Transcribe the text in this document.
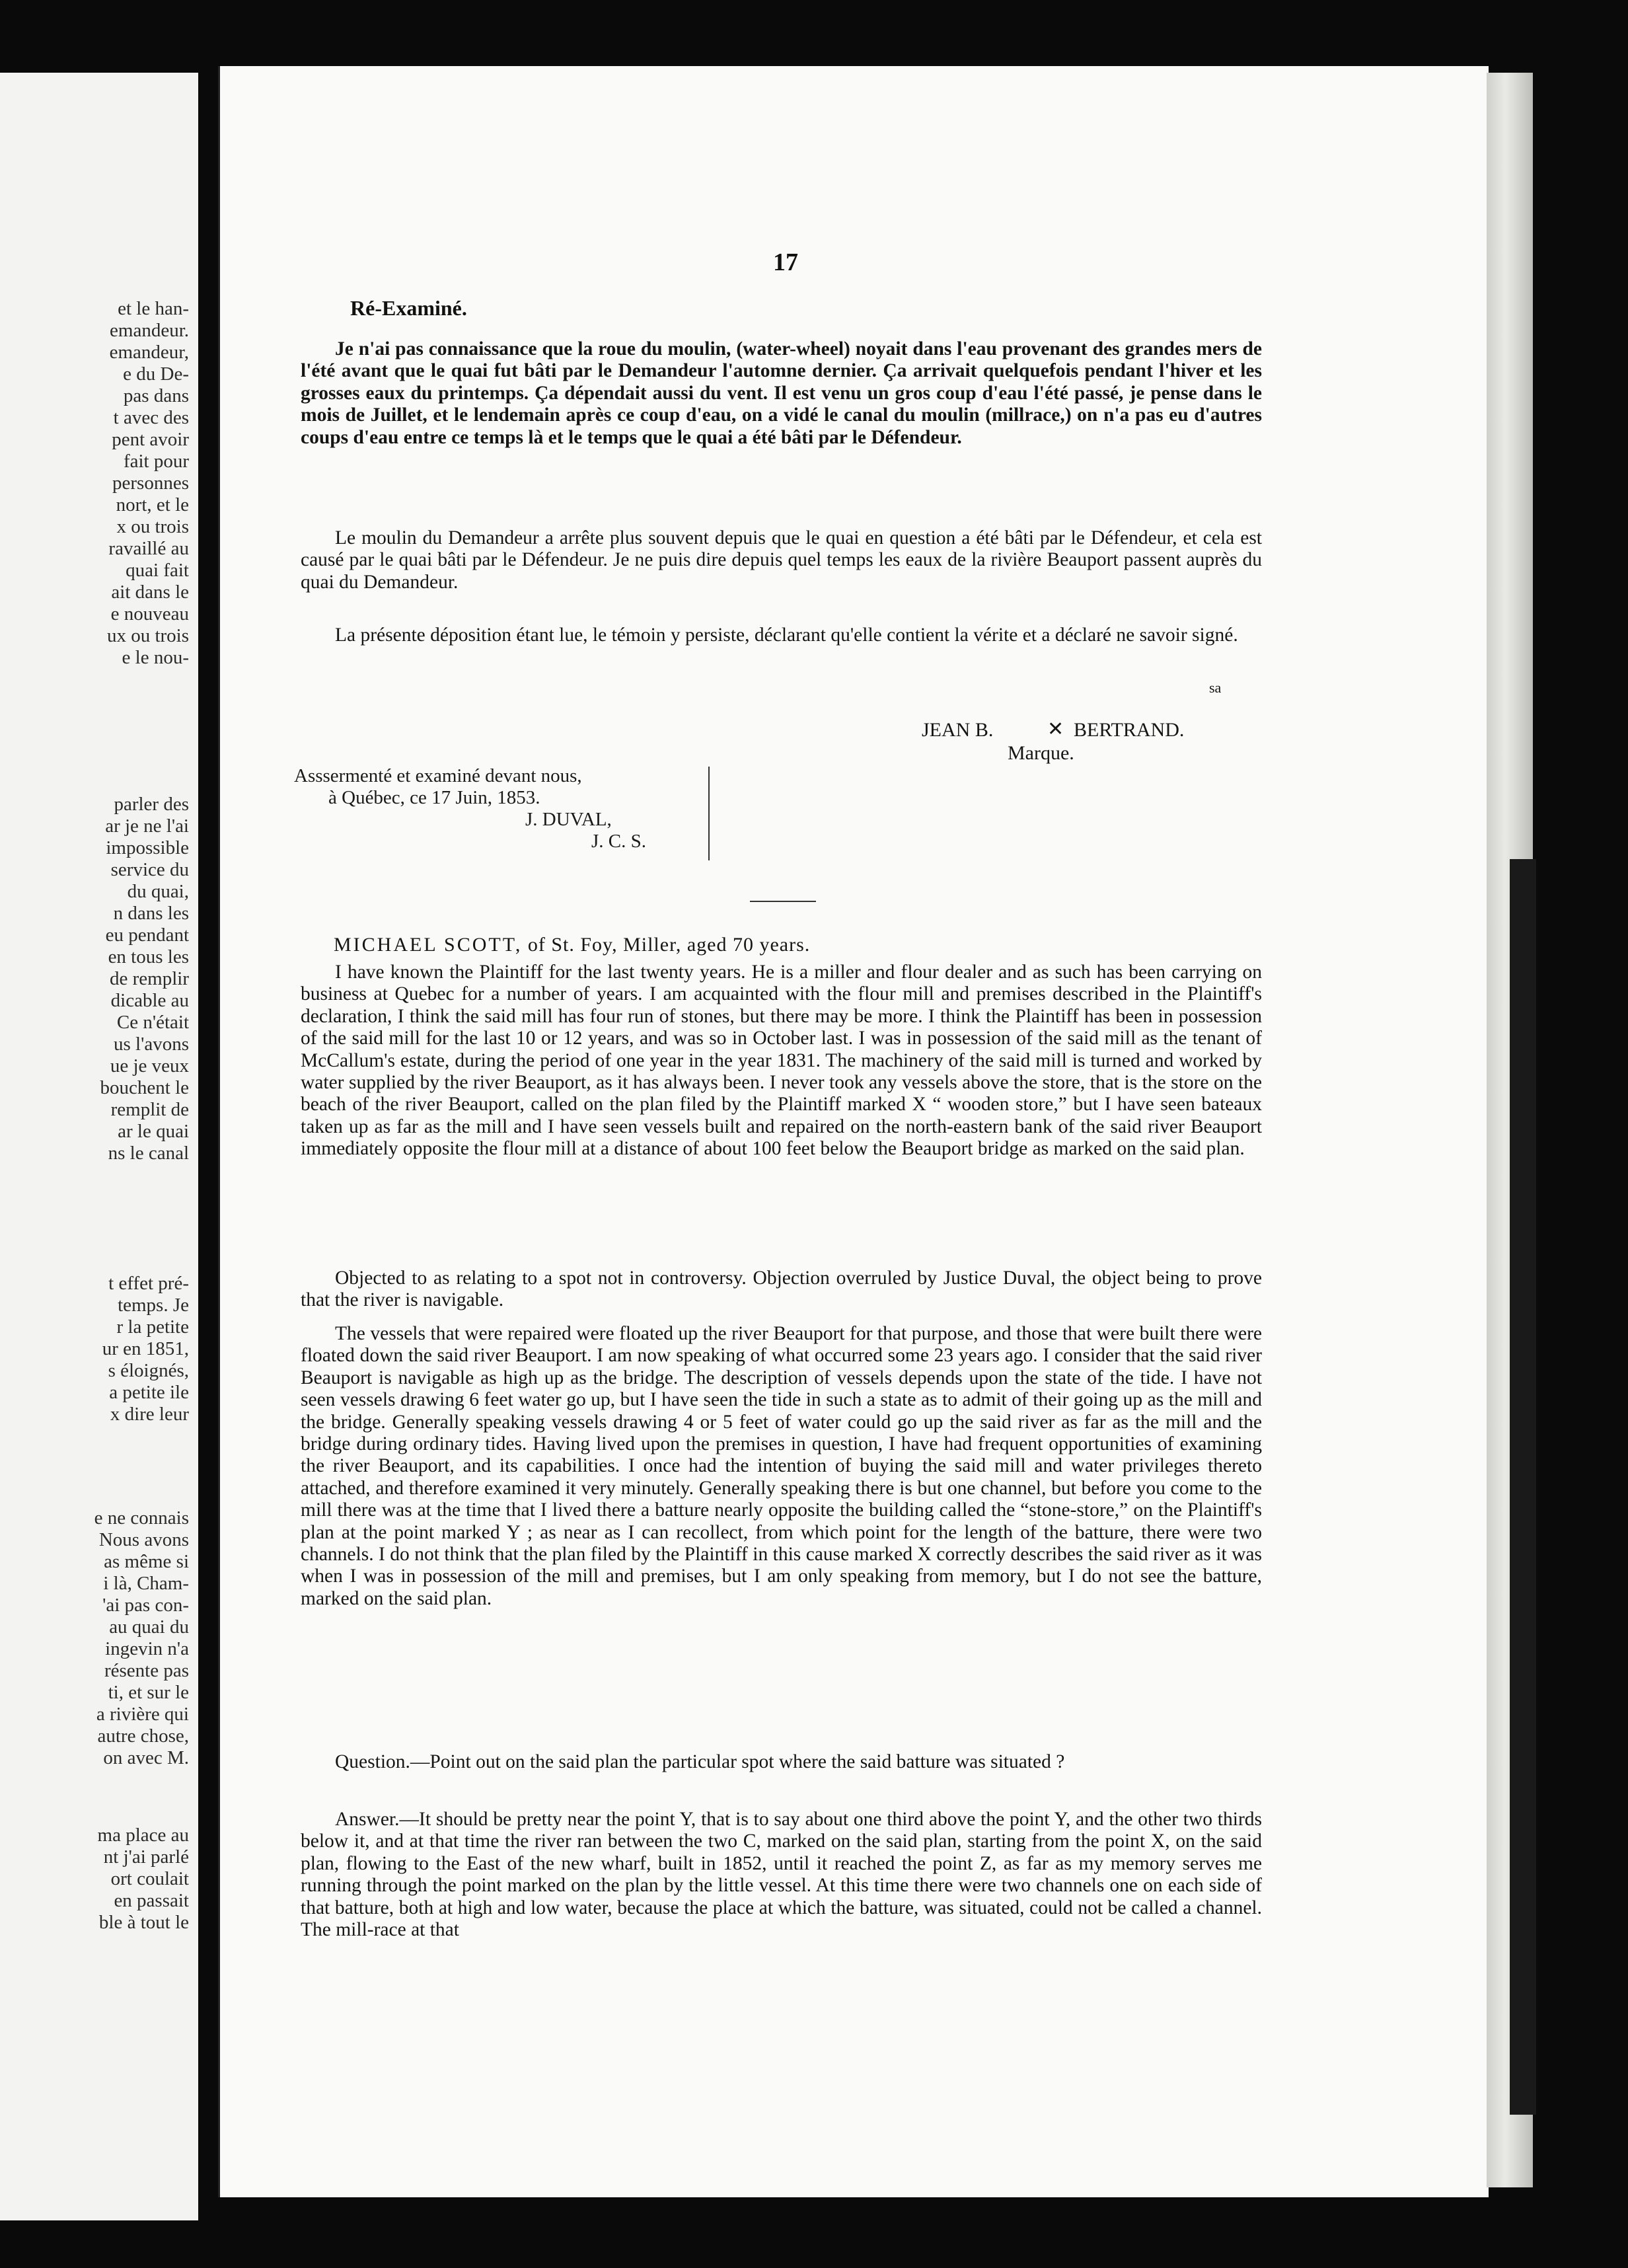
et le han-
emandeur.
emandeur,
e du De-
pas dans
t avec des
pent avoir
fait pour
personnes
nort, et le
x ou trois
ravaillé au
quai fait
ait dans le
e nouveau
ux ou trois
e le nou-
parler des
ar je ne l'ai
impossible
service du
du quai,
n dans les
eu pendant
en tous les
de remplir
dicable au
Ce n'était
us l'avons
ue je veux
bouchent le
remplit de
ar le quai
ns le canal
t effet pré-
temps. Je
r la petite
ur en 1851,
s éloignés,
a petite ile
x dire leur
e ne connais
Nous avons
as même si
i là, Cham-
'ai pas con-
au quai du
ingevin n'a
résente pas
ti, et sur le
a rivière qui
autre chose,
on avec M.
ma place au
nt j'ai parlé
ort coulait
en passait
ble à tout le
17
Ré-Examiné.

Je n'ai pas connaissance que la roue du moulin, (water-wheel) noyait dans l'eau provenant des grandes mers de l'été avant que le quai fut bâti par le Demandeur l'automne dernier. Ça arrivait quelquefois pendant l'hiver et les grosses eaux du printemps. Ça dépendait aussi du vent. Il est venu un gros coup d'eau l'été passé, je pense dans le mois de Juillet, et le lendemain après ce coup d'eau, on a vidé le canal du moulin (millrace,) on n'a pas eu d'autres coups d'eau entre ce temps là et le temps que le quai a été bâti par le Défendeur.

Le moulin du Demandeur a arrête plus souvent depuis que le quai en question a été bâti par le Défendeur, et cela est causé par le quai bâti par le Défendeur. Je ne puis dire depuis quel temps les eaux de la rivière Beauport passent auprès du quai du Demandeur.

La présente déposition étant lue, le témoin y persiste, déclarant qu'elle contient la vérite et a déclaré ne savoir signé.

sa
JEAN B.	✕ BERTRAND.
Marque.
Asssermenté et examiné devant nous,
à Québec, ce 17 Juin, 1853.
J. DUVAL,
J. C. S.
MICHAEL SCOTT, of St. Foy, Miller, aged 70 years.

I have known the Plaintiff for the last twenty years. He is a miller and flour dealer and as such has been carrying on business at Quebec for a number of years. I am acquainted with the flour mill and premises described in the Plaintiff's declaration, I think the said mill has four run of stones, but there may be more. I think the Plaintiff has been in possession of the said mill for the last 10 or 12 years, and was so in October last. I was in possession of the said mill as the tenant of McCallum's estate, during the period of one year in the year 1831. The machinery of the said mill is turned and worked by water supplied by the river Beauport, as it has always been. I never took any vessels above the store, that is the store on the beach of the river Beauport, called on the plan filed by the Plaintiff marked X “ wooden store,” but I have seen bateaux taken up as far as the mill and I have seen vessels built and repaired on the north-eastern bank of the said river Beauport immediately opposite the flour mill at a distance of about 100 feet below the Beauport bridge as marked on the said plan.

Objected to as relating to a spot not in controversy. Objection overruled by Justice Duval, the object being to prove that the river is navigable.

The vessels that were repaired were floated up the river Beauport for that purpose, and those that were built there were floated down the said river Beauport. I am now speaking of what occurred some 23 years ago. I consider that the said river Beauport is navigable as high up as the bridge. The description of vessels depends upon the state of the tide. I have not seen vessels drawing 6 feet water go up, but I have seen the tide in such a state as to admit of their going up as the mill and the bridge. Generally speaking vessels drawing 4 or 5 feet of water could go up the said river as far as the mill and the bridge during ordinary tides. Having lived upon the premises in question, I have had frequent opportunities of examining the river Beauport, and its capabilities. I once had the intention of buying the said mill and water privileges thereto attached, and therefore examined it very minutely. Generally speaking there is but one channel, but before you come to the mill there was at the time that I lived there a batture nearly opposite the building called the “stone-store,” on the Plaintiff's plan at the point marked Y ; as near as I can recollect, from which point for the length of the batture, there were two channels. I do not think that the plan filed by the Plaintiff in this cause marked X correctly describes the said river as it was when I was in possession of the mill and premises, but I am only speaking from memory, but I do not see the batture, marked on the said plan.

Question.—Point out on the said plan the particular spot where the said batture was situated ?

Answer.—It should be pretty near the point Y, that is to say about one third above the point Y, and the other two thirds below it, and at that time the river ran between the two C, marked on the said plan, starting from the point X, on the said plan, flowing to the East of the new wharf, built in 1852, until it reached the point Z, as far as my memory serves me running through the point marked on the plan by the little vessel. At this time there were two channels one on each side of that batture, both at high and low water, because the place at which the batture, was situated, could not be called a channel. The mill-race at that
